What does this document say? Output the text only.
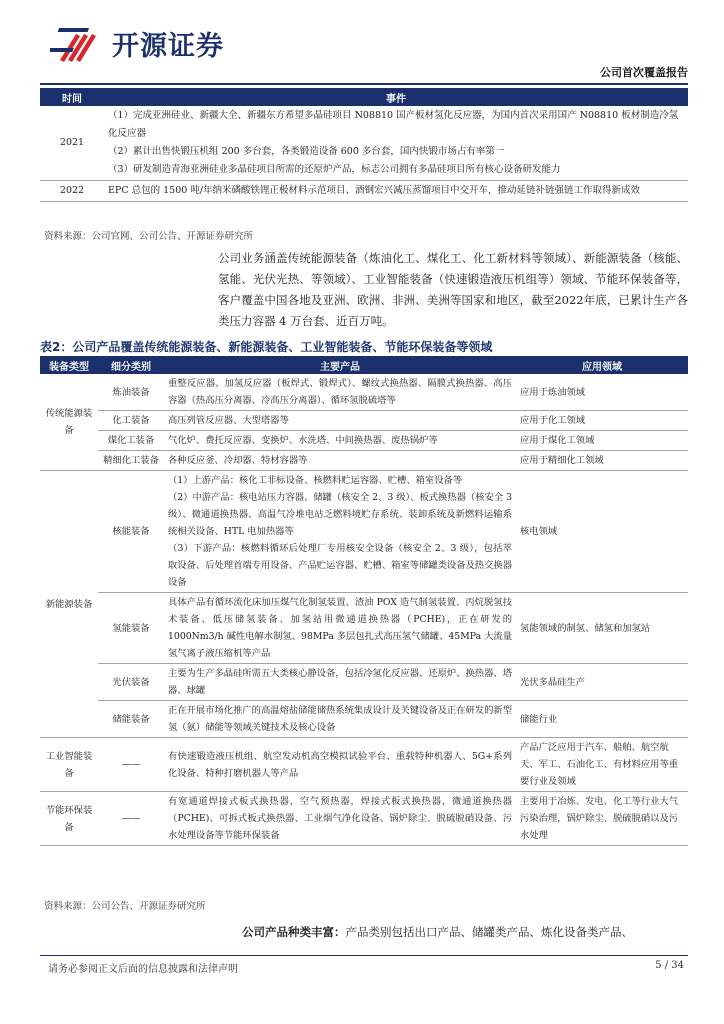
开源证券
公司首次覆盖报告
时间	事件
2021	（1）完成亚洲硅业、新疆大全、新疆东方希望多晶硅项目 N08810 国产板材氢化反应器，为国内首次采用国产 N08810 板材制造冷氢化反应器

（2）累计出售快锻压机组 200 多台套，各类锻造设备 600 多台套，国内快锻市场占有率第一

（3）研发制造青海亚洲硅业多晶硅项目所需的还原炉产品，标志公司拥有多晶硅项目所有核心设备研发能力

2022	EPC 总包的 1500 吨/年纳米磷酸铁锂正极材料示范项目、酒钢宏兴减压蒸馏项目中交开车，推动延链补链强链工作取得新成效

资料来源：公司官网、公司公告、开源证券研究所
公司业务涵盖传统能源装备（炼油化工、煤化工、化工新材料等领域）、新能源装备（核能、氢能、光伏光热、等领域）、工业智能装备（快速锻造液压机组等）领域、节能环保装备等，客户覆盖中国各地及亚洲、欧洲、非洲、美洲等国家和地区，截至2022年底，已累计生产各类压力容器 4 万台套、近百万吨。
表2：公司产品覆盖传统能源装备、新能源装备、工业智能装备、节能环保装备等领域
装备类型	细分类别	主要产品	应用领域
传统能源装备	炼油装备	重整反应器、加氢反应器（板焊式、锻焊式）、螺纹式换热器、隔膜式换热器、高压容器（热高压分离器、冷高压分离器）、循环氢脱硫塔等	应用于炼油领域
	化工装备	高压列管反应器、大型塔器等	应用于化工领域
	煤化工装备	气化炉、费托反应器、变换炉、水洗塔、中间换热器、废热锅炉等	应用于煤化工领域
	精细化工装备	各种反应釜、冷却器、特材容器等	应用于精细化工领域
新能源装备	核能装备	（1）上游产品：核化工非标设备、核燃料贮运容器、贮槽、箱室设备等

（2）中游产品：核电站压力容器、储罐（核安全 2、3 级）、板式换热器（核安全 3 级）、微通道换热器、高温气冷堆电站乏燃料境贮存系统、装卸系统及新燃料运输系统相关设备、HTL 电加热器等

（3）下游产品：核燃料循环后处理厂专用核安全设备（核安全 2、3 级），包括萃取设备、后处理首端专用设备、产品贮运容器、贮槽、箱室等储罐类设备及热交换器设备	核电领域
	氢能装备	具体产品有循环流化床加压煤气化制氢装置、渣油 POX 造气制氢装置、丙烷脱氢技术装备、低压储氢装备、加氢站用微通道换热器（PCHE)，正在研发的 1000Nm3/h 碱性电解水制氢、98MPa 多层包扎式高压氢气储罐、45MPa 大流量氢气离子液压缩机等产品	氢能领域的制氢、储氢和加氢站
	光伏装备	主要为生产多晶硅所需五大类核心静设备，包括冷氢化反应器、还原炉、换热器、塔器、球罐	光伏多晶硅生产
	储能装备	正在开展市场化推广的高温熔盐储能储热系统集成设计及关键设备及正在研发的新型氢（氨）储能等领域关键技术及核心设备	储能行业
工业智能装备	——	有快速锻造液压机组、航空发动机高空模拟试验平台、重载特种机器人、5G+系列化设备、特种打磨机器人等产品	产品广泛应用于汽车、船舶、航空航天、军工、石油化工、有材料应用等重要行业及领域
节能环保装备	——	有宽通道焊接式板式换热器，空气预热器，焊接式板式换热器，微通道换热器（PCHE)、可拆式板式换热器、工业烟气净化设备、锅炉除尘、脱硫脱硝设备、污水处理设备等节能环保装备	主要用于冶炼、发电、化工等行业大气污染治理，锅炉除尘、脱硫脱硝以及污水处理
资料来源：公司公告、开源证券研究所
公司产品种类丰富：产品类别包括出口产品、储罐类产品、炼化设备类产品、
请务必参阅正文后面的信息披露和法律声明	5 / 34
